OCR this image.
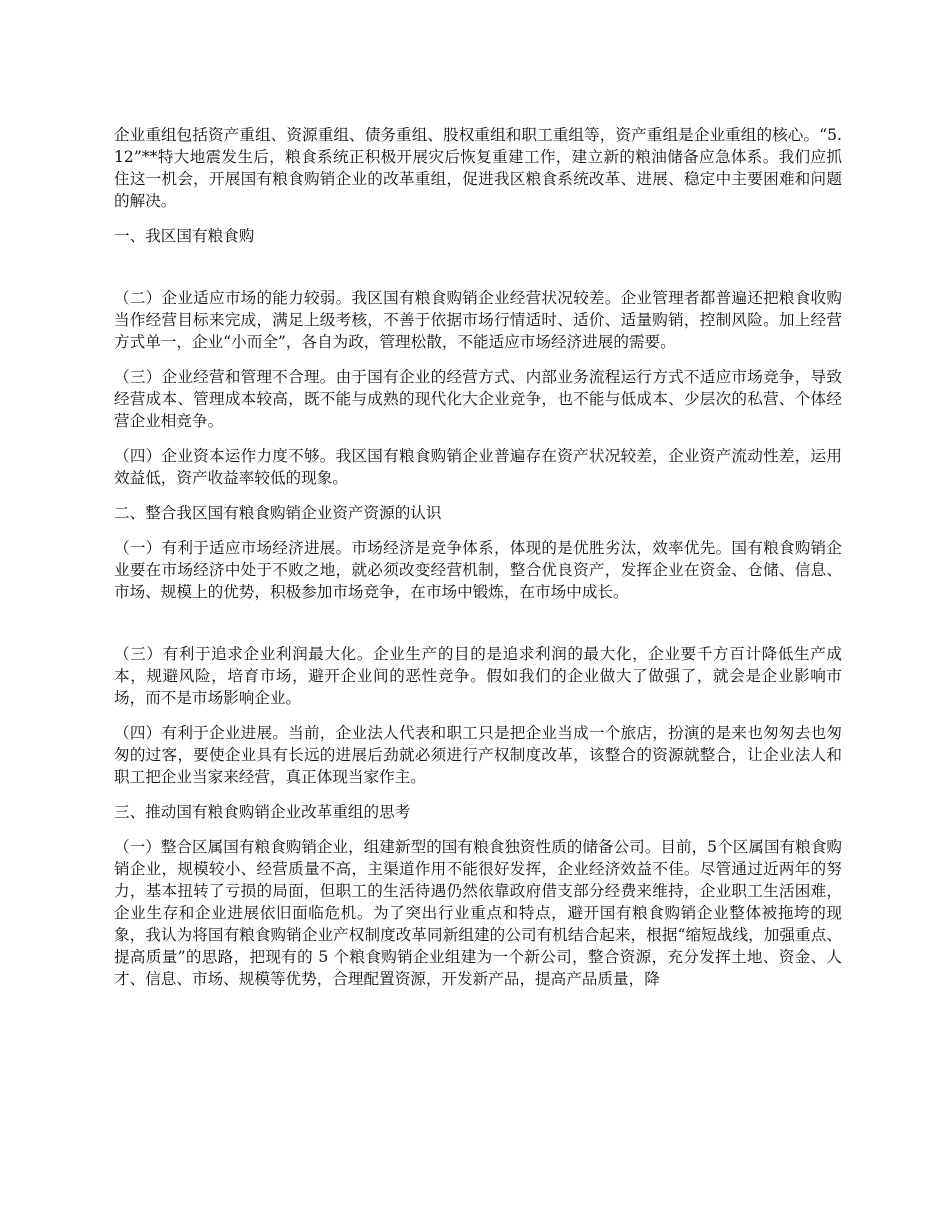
企业重组包括资产重组、资源重组、债务重组、股权重组和职工重组等，资产重组是企业重组的核心。“5.12”**特大地震发生后，粮食系统正积极开展灾后恢复重建工作，建立新的粮油储备应急体系。我们应抓住这一机会，开展国有粮食购销企业的改革重组，促进我区粮食系统改革、进展、稳定中主要困难和问题的解决。

一、我区国有粮食购

（二）企业适应市场的能力较弱。我区国有粮食购销企业经营状况较差。企业管理者都普遍还把粮食收购当作经营目标来完成，满足上级考核，不善于依据市场行情适时、适价、适量购销，控制风险。加上经营方式单一，企业“小而全”，各自为政，管理松散，不能适应市场经济进展的需要。

（三）企业经营和管理不合理。由于国有企业的经营方式、内部业务流程运行方式不适应市场竞争，导致经营成本、管理成本较高，既不能与成熟的现代化大企业竞争，也不能与低成本、少层次的私营、个体经营企业相竞争。

（四）企业资本运作力度不够。我区国有粮食购销企业普遍存在资产状况较差，企业资产流动性差，运用效益低，资产收益率较低的现象。

二、整合我区国有粮食购销企业资产资源的认识

（一）有利于适应市场经济进展。市场经济是竞争体系，体现的是优胜劣汰，效率优先。国有粮食购销企业要在市场经济中处于不败之地，就必须改变经营机制，整合优良资产，发挥企业在资金、仓储、信息、市场、规模上的优势，积极参加市场竞争，在市场中锻炼，在市场中成长。

（三）有利于追求企业利润最大化。企业生产的目的是追求利润的最大化，企业要千方百计降低生产成本，规避风险，培育市场，避开企业间的恶性竞争。假如我们的企业做大了做强了，就会是企业影响市场，而不是市场影响企业。

（四）有利于企业进展。当前，企业法人代表和职工只是把企业当成一个旅店，扮演的是来也匆匆去也匆匆的过客，要使企业具有长远的进展后劲就必须进行产权制度改革，该整合的资源就整合，让企业法人和职工把企业当家来经营，真正体现当家作主。

三、推动国有粮食购销企业改革重组的思考

（一）整合区属国有粮食购销企业，组建新型的国有粮食独资性质的储备公司。目前，5个区属国有粮食购销企业，规模较小、经营质量不高，主渠道作用不能很好发挥，企业经济效益不佳。尽管通过近两年的努力，基本扭转了亏损的局面，但职工的生活待遇仍然依靠政府借支部分经费来维持，企业职工生活困难，企业生存和企业进展依旧面临危机。为了突出行业重点和特点，避开国有粮食购销企业整体被拖垮的现象，我认为将国有粮食购销企业产权制度改革同新组建的公司有机结合起来，根据“缩短战线，加强重点、提高质量”的思路，把现有的 5 个粮食购销企业组建为一个新公司，整合资源，充分发挥土地、资金、人才、信息、市场、规模等优势，合理配置资源，开发新产品，提高产品质量，降
